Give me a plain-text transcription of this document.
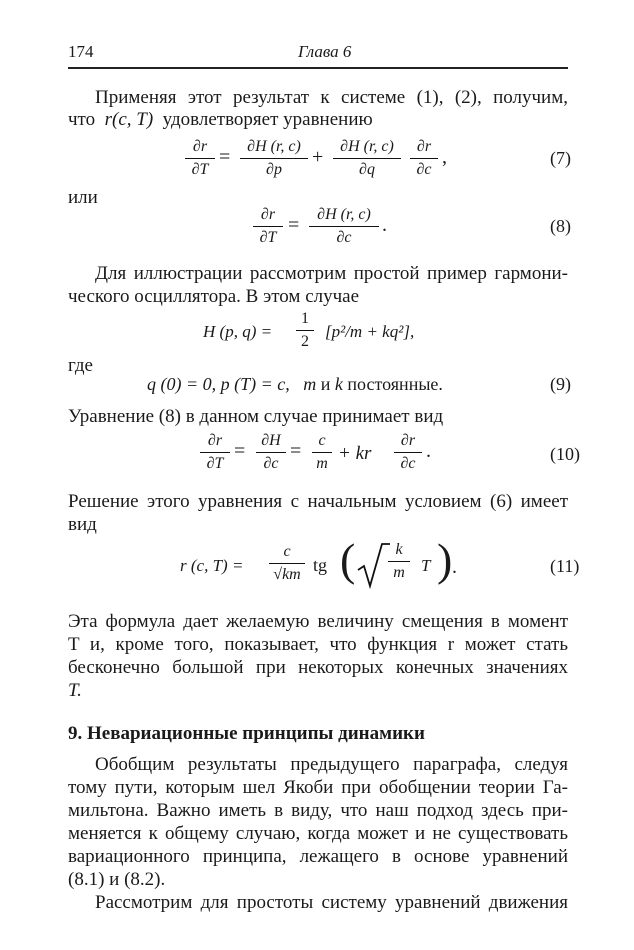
174	Глава 6
Применяя этот результат к системе (1), (2), получим,
что r(c, T) удовлетворяет уравнению
$\frac{\partial r}{\partial T} = \frac{\partial H (r, c)}{\partial p} + \frac{\partial H (r, c)}{\partial q} \frac{\partial r}{\partial c}$ ,	(7)
или
$\frac{\partial r}{\partial T} = \frac{\partial H (r, c)}{\partial c}$ .	(8)
Для иллюстрации рассмотрим простой пример гармони-
ческого осциллятора. В этом случае
H (p, $q) = \frac{1}{2} [p^2/m + kq^2]$,
где
q (0) = 0, p (T) = c, m и k постоянные.	(9)
Уравнение (8) в данном случае принимает вид
$\frac{\partial r}{\partial T} = \frac{\partial H}{\partial c} = \frac{c}{m}$ + kr $\frac{\partial r}{\partial c}$ .	(10)
Решение этого уравнения с начальным условием (6) имеет
вид
r (c, $T) = \frac{c}{√km}$ tg ( $\frac{k}{m}$ T ) .	(11)
Эта формула дает желаемую величину смещения в момент
T и, кроме того, показывает, что функция r может стать
бесконечно большой при некоторых конечных значениях
T.
9. Невариационные принципы динамики
Обобщим результаты предыдущего параграфа, следуя
тому пути, которым шел Якоби при обобщении теории Га-
мильтона. Важно иметь в виду, что наш подход здесь при-
меняется к общему случаю, когда может и не существовать
вариационного принципа, лежащего в основе уравнений
(8.1) и (8.2).
Рассмотрим для простоты систему уравнений движения
